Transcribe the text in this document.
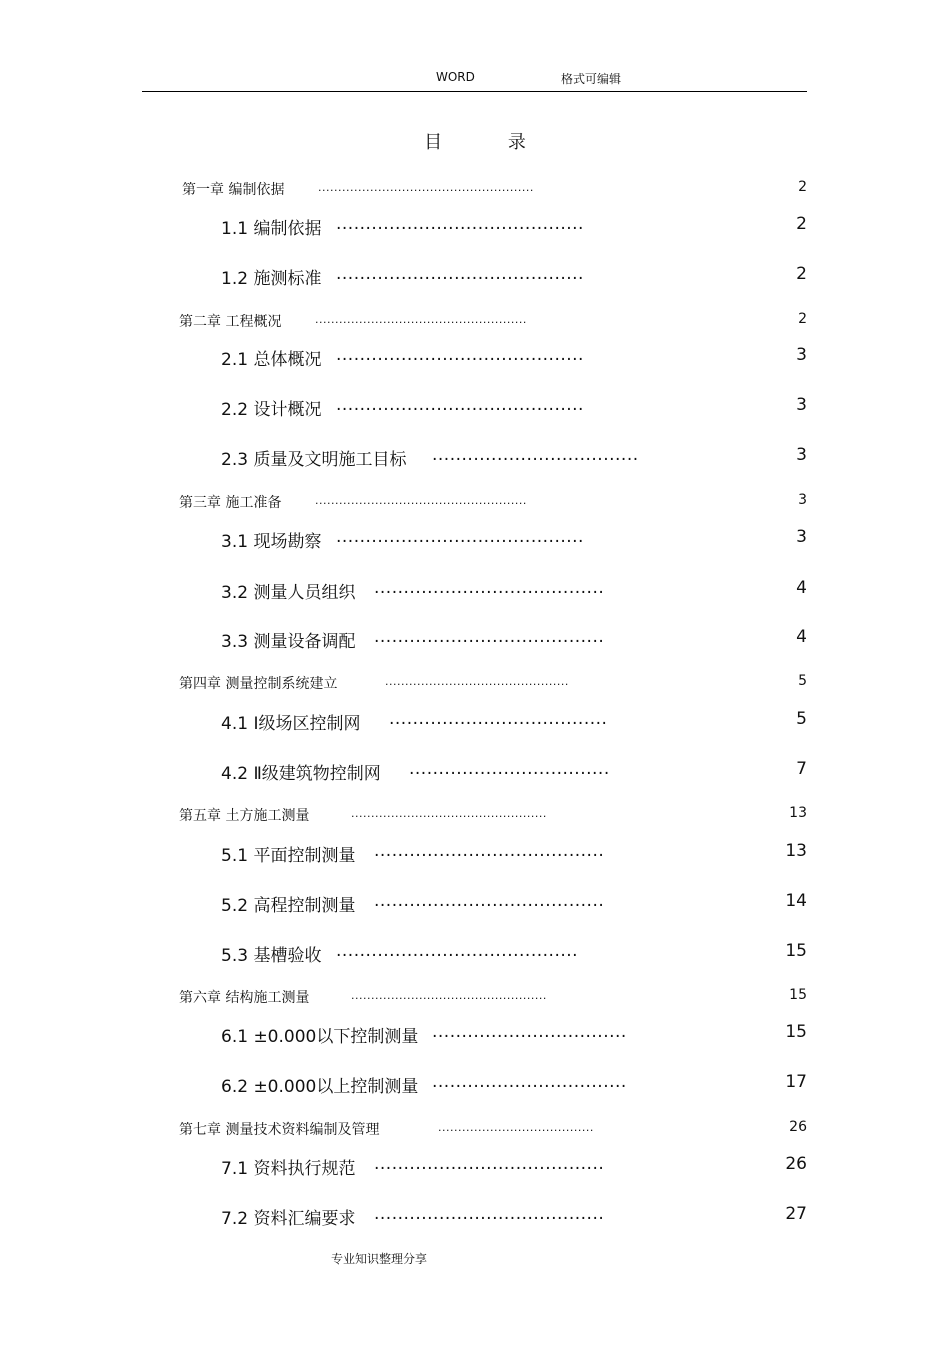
WORD	格式可编辑
目 录
第一章 编制依据	......................................................	2
1.1 编制依据 ..........................................	2
1.2 施测标准 ..........................................	2
第二章 工程概况	.....................................................	2
2.1 总体概况 ..........................................	3
2.2 设计概况 ..........................................	3
2.3 质量及文明施工目标 ...................................	3
第三章 施工准备	.....................................................	3
3.1 现场勘察 ..........................................	3
3.2 测量人员组织 .......................................	4
3.3 测量设备调配 .......................................	4
第四章 测量控制系统建立	..............................................	5
4.1 Ⅰ级场区控制网 .....................................	5
4.2 Ⅱ级建筑物控制网 ..................................	7
第五章 土方施工测量	.................................................	13
5.1 平面控制测量 .......................................	13
5.2 高程控制测量 .......................................	14
5.3 基槽验收 .........................................	15
第六章 结构施工测量	.................................................	15
6.1 ±0.000以下控制测量 .................................	15
6.2 ±0.000以上控制测量 .................................	17
第七章 测量技术资料编制及管理	.......................................	26
7.1 资料执行规范 .......................................	26
7.2 资料汇编要求 .......................................	27
专业知识整理分享
